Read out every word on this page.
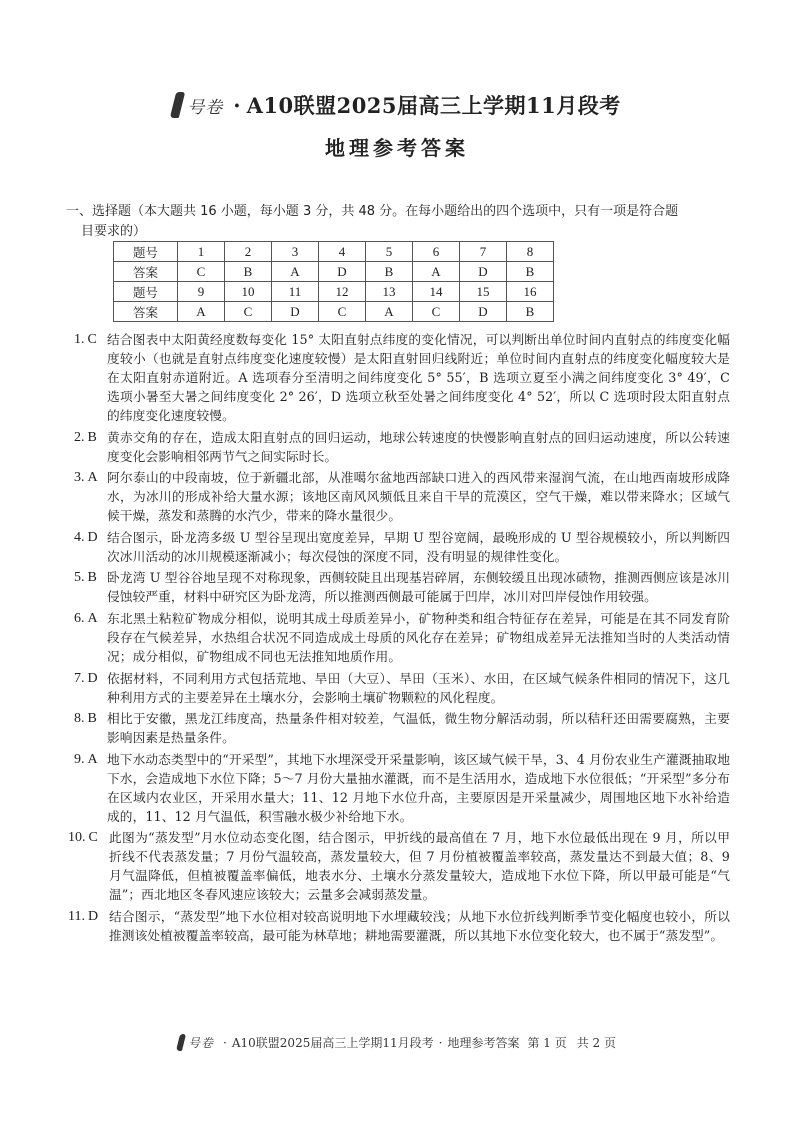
号卷 · A10联盟2025届高三上学期11月段考
地理参考答案
一、选择题（本大题共 16 小题，每小题 3 分，共 48 分。在每小题给出的四个选项中，只有一项是符合题
目要求的）
题号	1	2	3	4	5	6	7	8
答案	C	B	A	D	B	A	D	B
题号	9	10	11	12	13	14	15	16
答案	A	C	D	C	A	C	D	B
1. C 结合图表中太阳黄经度数每变化 15° 太阳直射点纬度的变化情况，可以判断出单位时间内直射点的纬度变化幅度较小（也就是直射点纬度变化速度较慢）是太阳直射回归线附近；单位时间内直射点的纬度变化幅度较大是在太阳直射赤道附近。A 选项春分至清明之间纬度变化 5° 55′，B 选项立夏至小满之间纬度变化 3° 49′，C 选项小暑至大暑之间纬度变化 2° 26′，D 选项立秋至处暑之间纬度变化 4° 52′，所以 C 选项时段太阳直射点的纬度变化速度较慢。
2. B 黄赤交角的存在，造成太阳直射点的回归运动，地球公转速度的快慢影响直射点的回归运动速度，所以公转速度变化会影响相邻两节气之间实际时长。
3. A 阿尔泰山的中段南坡，位于新疆北部，从准噶尔盆地西部缺口进入的西风带来湿润气流，在山地西南坡形成降水，为冰川的形成补给大量水源；该地区南风风频低且来自干旱的荒漠区，空气干燥，难以带来降水；区域气候干燥，蒸发和蒸腾的水汽少，带来的降水量很少。
4. D 结合图示，卧龙湾多级 U 型谷呈现出宽度差异，早期 U 型谷宽阔，最晚形成的 U 型谷规模较小，所以判断四次冰川活动的冰川规模逐渐减小；每次侵蚀的深度不同，没有明显的规律性变化。
5. B 卧龙湾 U 型谷谷地呈现不对称现象，西侧较陡且出现基岩碎屑，东侧较缓且出现冰碛物，推测西侧应该是冰川侵蚀较严重，材料中研究区为卧龙湾，所以推测西侧最可能属于凹岸，冰川对凹岸侵蚀作用较强。
6. A 东北黑土粘粒矿物成分相似，说明其成土母质差异小，矿物种类和组合特征存在差异，可能是在其不同发育阶段存在气候差异，水热组合状况不同造成成土母质的风化存在差异；矿物组成差异无法推知当时的人类活动情况；成分相似，矿物组成不同也无法推知地质作用。
7. D 依据材料，不同利用方式包括荒地、旱田（大豆）、旱田（玉米）、水田，在区域气候条件相同的情况下，这几种利用方式的主要差异在土壤水分，会影响土壤矿物颗粒的风化程度。
8. B 相比于安徽，黑龙江纬度高，热量条件相对较差，气温低，微生物分解活动弱，所以秸秆还田需要腐熟，主要影响因素是热量条件。
9. A 地下水动态类型中的“开采型”，其地下水埋深受开采量影响，该区域气候干旱，3、4 月份农业生产灌溉抽取地下水，会造成地下水位下降；5～7 月份大量抽水灌溉，而不是生活用水，造成地下水位很低；“开采型”多分布在区域内农业区，开采用水量大；11、12 月地下水位升高，主要原因是开采量减少，周围地区地下水补给造成的，11、12 月气温低，积雪融水极少补给地下水。
10. C 此图为“蒸发型”月水位动态变化图，结合图示，甲折线的最高值在 7 月，地下水位最低出现在 9 月，所以甲折线不代表蒸发量；7 月份气温较高，蒸发量较大，但 7 月份植被覆盖率较高，蒸发量达不到最大值；8、9 月气温降低，但植被覆盖率偏低，地表水分、土壤水分蒸发量较大，造成地下水位下降，所以甲最可能是“气温”；西北地区冬春风速应该较大；云量多会减弱蒸发量。
11. D 结合图示，“蒸发型”地下水位相对较高说明地下水埋藏较浅；从地下水位折线判断季节变化幅度也较小，所以推测该处植被覆盖率较高，最可能为林草地；耕地需要灌溉，所以其地下水位变化较大，也不属于“蒸发型”。
号卷 · A10联盟2025届高三上学期11月段考 · 地理参考答案 第 1 页 共 2 页
